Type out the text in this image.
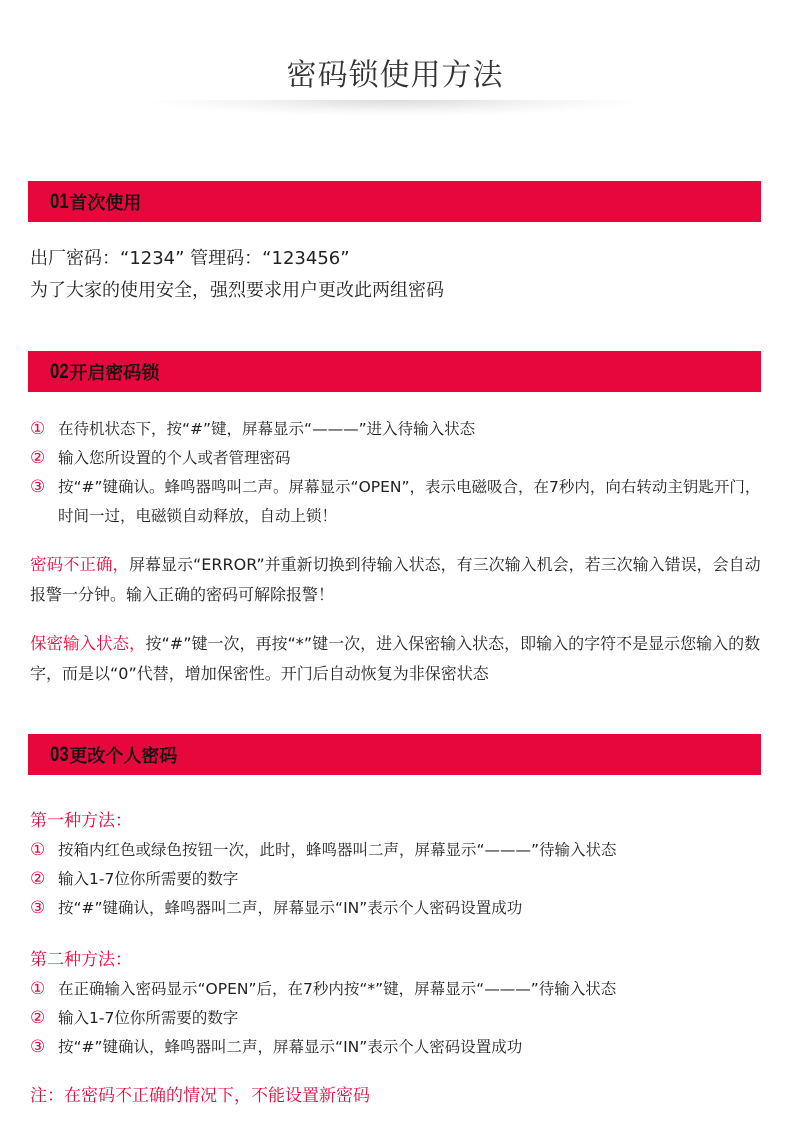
密码锁使用方法
01 首次使用
出厂密码：“1234” 管理码：“123456”
为了大家的使用安全，强烈要求用户更改此两组密码
02 开启密码锁
① 在待机状态下，按“#”键，屏幕显示“———”进入待输入状态
② 输入您所设置的个人或者管理密码
③ 按“#”键确认。蜂鸣器鸣叫二声。屏幕显示“OPEN”，表示电磁吸合，在7秒内，向右转动主钥匙开门，时间一过，电磁锁自动释放，自动上锁！
密码不正确，屏幕显示“ERROR”并重新切换到待输入状态，有三次输入机会，若三次输入错误，会自动报警一分钟。输入正确的密码可解除报警！
保密输入状态，按“#”键一次，再按“*”键一次，进入保密输入状态，即输入的字符不是显示您输入的数字，而是以“0”代替，增加保密性。开门后自动恢复为非保密状态
03 更改个人密码
第一种方法：
① 按箱内红色或绿色按钮一次，此时，蜂鸣器叫二声，屏幕显示“———”待输入状态
② 输入1-7位你所需要的数字
③ 按“#”键确认，蜂鸣器叫二声，屏幕显示“IN”表示个人密码设置成功
第二种方法：
① 在正确输入密码显示“OPEN”后，在7秒内按“*”键，屏幕显示“———”待输入状态
② 输入1-7位你所需要的数字
③ 按“#”键确认，蜂鸣器叫二声，屏幕显示“IN”表示个人密码设置成功
注：在密码不正确的情况下，不能设置新密码
